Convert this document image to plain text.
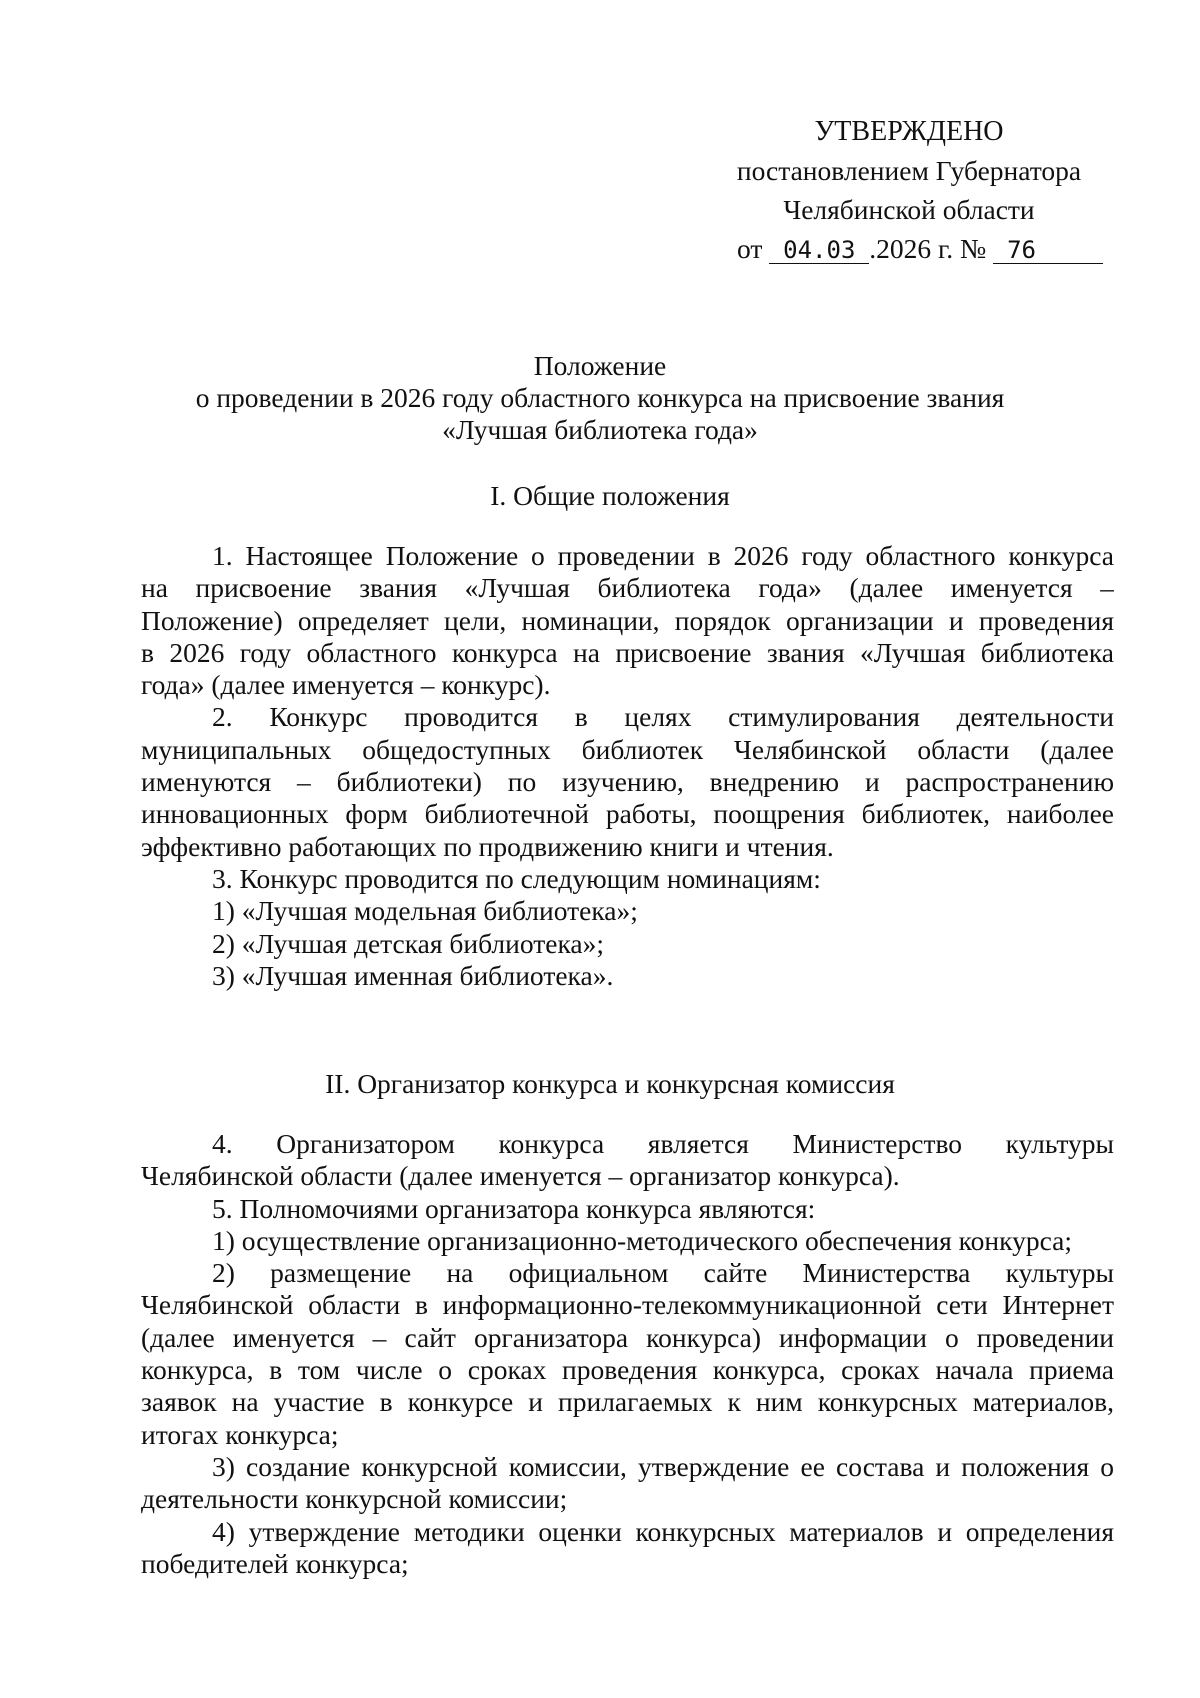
УТВЕРЖДЕНО
постановлением Губернатора
Челябинской области
от 04.03 .2026 г. № 76
Положение
о проведении в 2026 году областного конкурса на присвоение звания
«Лучшая библиотека года»
I. Общие положения
1. Настоящее Положение о проведении в 2026 году областного конкурса
на присвоение звания «Лучшая библиотека года» (далее именуется –
Положение) определяет цели, номинации, порядок организации и проведения
в 2026 году областного конкурса на присвоение звания «Лучшая библиотека
года» (далее именуется – конкурс).
2. Конкурс проводится в целях стимулирования деятельности
муниципальных общедоступных библиотек Челябинской области (далее
именуются – библиотеки) по изучению, внедрению и распространению
инновационных форм библиотечной работы, поощрения библиотек, наиболее
эффективно работающих по продвижению книги и чтения.
3. Конкурс проводится по следующим номинациям:
1) «Лучшая модельная библиотека»;
2) «Лучшая детская библиотека»;
3) «Лучшая именная библиотека».
II. Организатор конкурса и конкурсная комиссия
4. Организатором конкурса является Министерство культуры
Челябинской области (далее именуется – организатор конкурса).
5. Полномочиями организатора конкурса являются:
1) осуществление организационно-методического обеспечения конкурса;
2) размещение на официальном сайте Министерства культуры
Челябинской области в информационно-телекоммуникационной сети Интернет
(далее именуется – сайт организатора конкурса) информации о проведении
конкурса, в том числе о сроках проведения конкурса, сроках начала приема
заявок на участие в конкурсе и прилагаемых к ним конкурсных материалов,
итогах конкурса;
3) создание конкурсной комиссии, утверждение ее состава и положения о
деятельности конкурсной комиссии;
4) утверждение методики оценки конкурсных материалов и определения
победителей конкурса;
